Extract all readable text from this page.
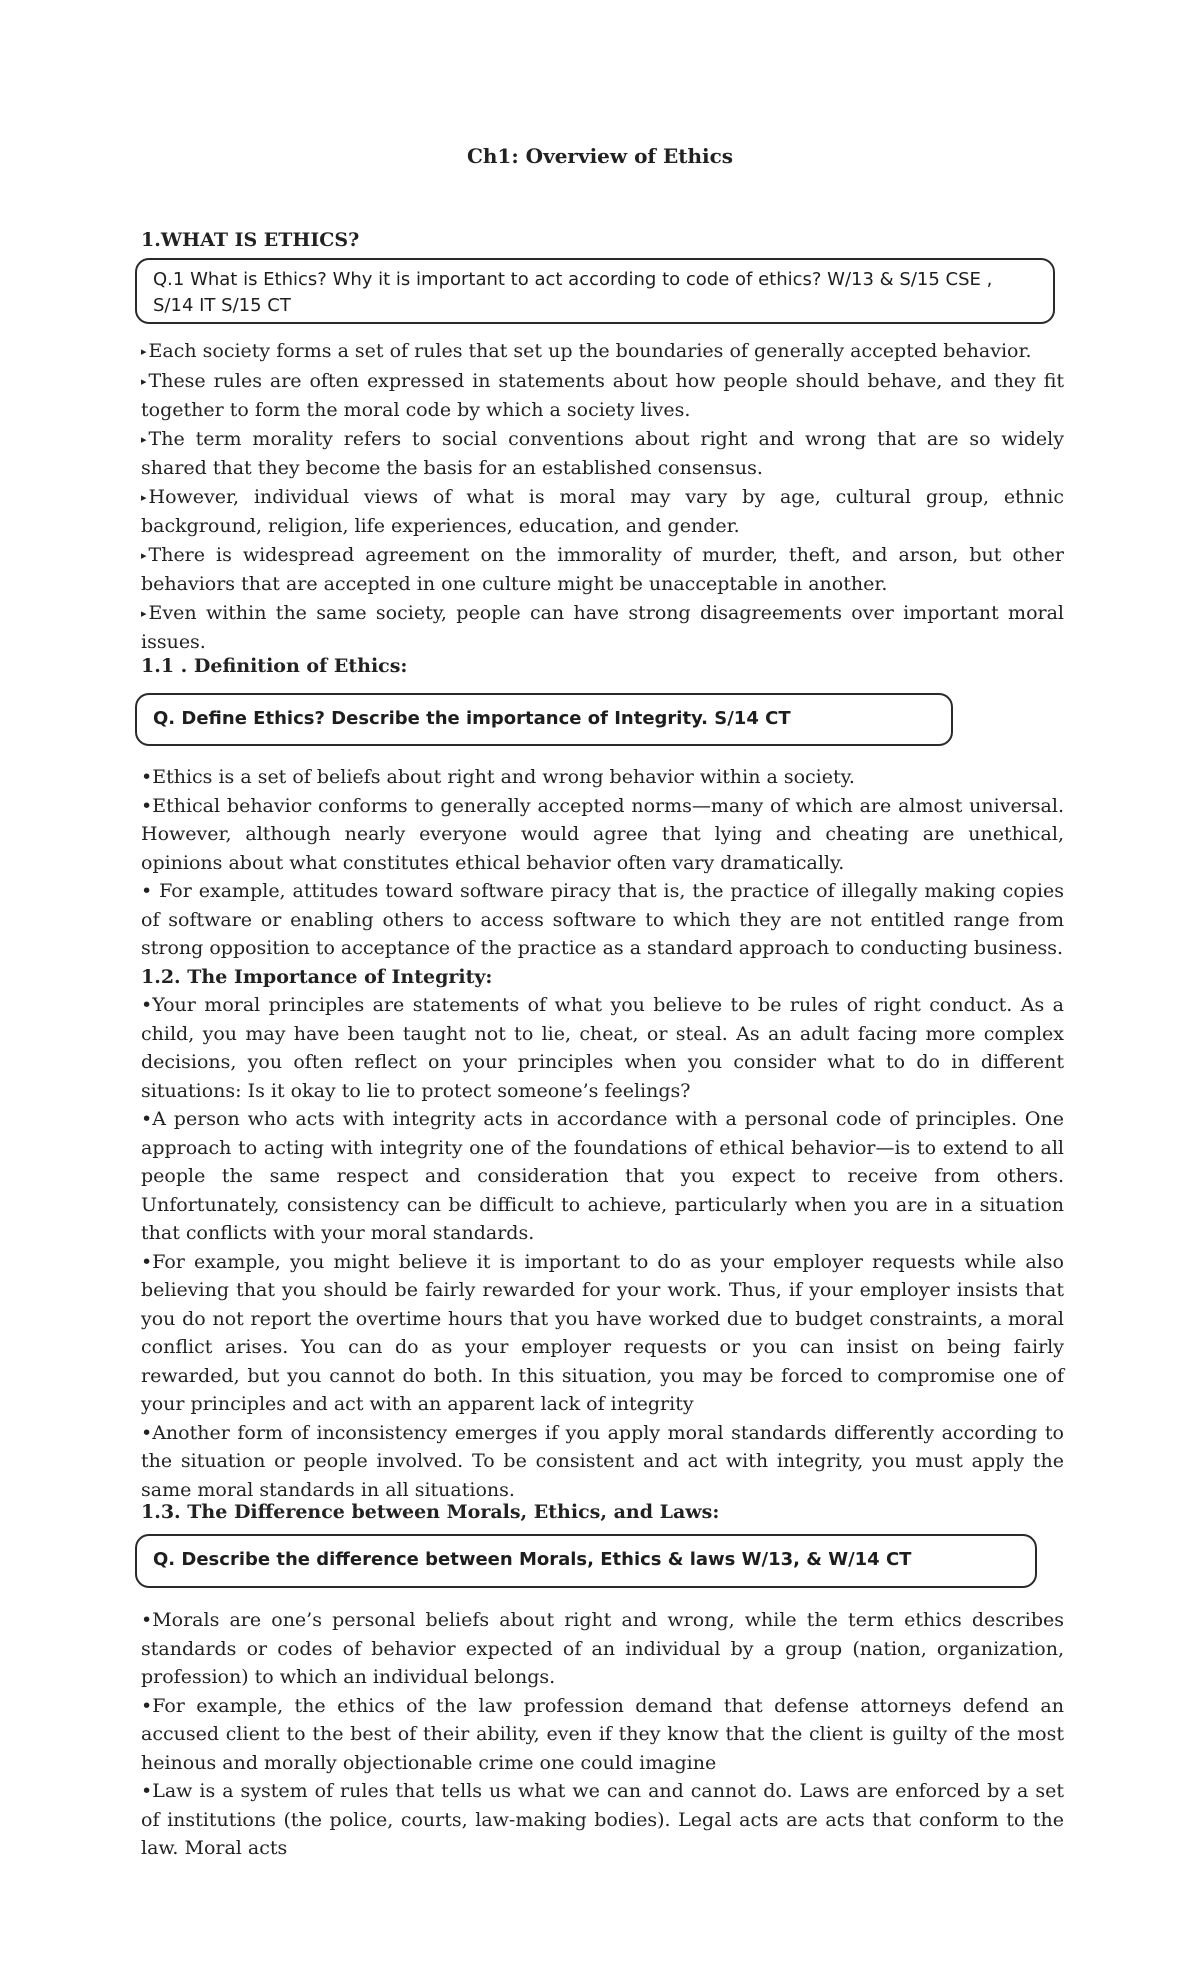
Ch1: Overview of Ethics

1.WHAT IS ETHICS?

Q.1 What is Ethics? Why it is important to act according to code of ethics? W/13 & S/15 CSE , S/14 IT S/15 CT

▸ Each society forms a set of rules that set up the boundaries of generally accepted behavior.

▸ These rules are often expressed in statements about how people should behave, and they fit together to form the moral code by which a society lives.

▸ The term morality refers to social conventions about right and wrong that are so widely shared that they become the basis for an established consensus.

▸ However, individual views of what is moral may vary by age, cultural group, ethnic background, religion, life experiences, education, and gender.

▸ There is widespread agreement on the immorality of murder, theft, and arson, but other behaviors that are accepted in one culture might be unacceptable in another.

▸ Even within the same society, people can have strong disagreements over important moral issues.

1.1 . Definition of Ethics:

Q. Define Ethics? Describe the importance of Integrity. S/14 CT

•Ethics is a set of beliefs about right and wrong behavior within a society.

•Ethical behavior conforms to generally accepted norms—many of which are almost universal. However, although nearly everyone would agree that lying and cheating are unethical, opinions about what constitutes ethical behavior often vary dramatically.

• For example, attitudes toward software piracy that is, the practice of illegally making copies of software or enabling others to access software to which they are not entitled range from strong opposition to acceptance of the practice as a standard approach to conducting business.

1.2. The Importance of Integrity:

•Your moral principles are statements of what you believe to be rules of right conduct. As a child, you may have been taught not to lie, cheat, or steal. As an adult facing more complex decisions, you often reflect on your principles when you consider what to do in different situations: Is it okay to lie to protect someone’s feelings?

•A person who acts with integrity acts in accordance with a personal code of principles. One approach to acting with integrity one of the foundations of ethical behavior—is to extend to all people the same respect and consideration that you expect to receive from others. Unfortunately, consistency can be difficult to achieve, particularly when you are in a situation that conflicts with your moral standards.

•For example, you might believe it is important to do as your employer requests while also believing that you should be fairly rewarded for your work. Thus, if your employer insists that you do not report the overtime hours that you have worked due to budget constraints, a moral conflict arises. You can do as your employer requests or you can insist on being fairly rewarded, but you cannot do both. In this situation, you may be forced to compromise one of your principles and act with an apparent lack of integrity

•Another form of inconsistency emerges if you apply moral standards differently according to the situation or people involved. To be consistent and act with integrity, you must apply the same moral standards in all situations.

1.3. The Difference between Morals, Ethics, and Laws:

Q. Describe the difference between Morals, Ethics & laws W/13, & W/14 CT

•Morals are one’s personal beliefs about right and wrong, while the term ethics describes standards or codes of behavior expected of an individual by a group (nation, organization, profession) to which an individual belongs.

•For example, the ethics of the law profession demand that defense attorneys defend an accused client to the best of their ability, even if they know that the client is guilty of the most heinous and morally objectionable crime one could imagine

•Law is a system of rules that tells us what we can and cannot do. Laws are enforced by a set of institutions (the police, courts, law-making bodies). Legal acts are acts that conform to the law. Moral acts
